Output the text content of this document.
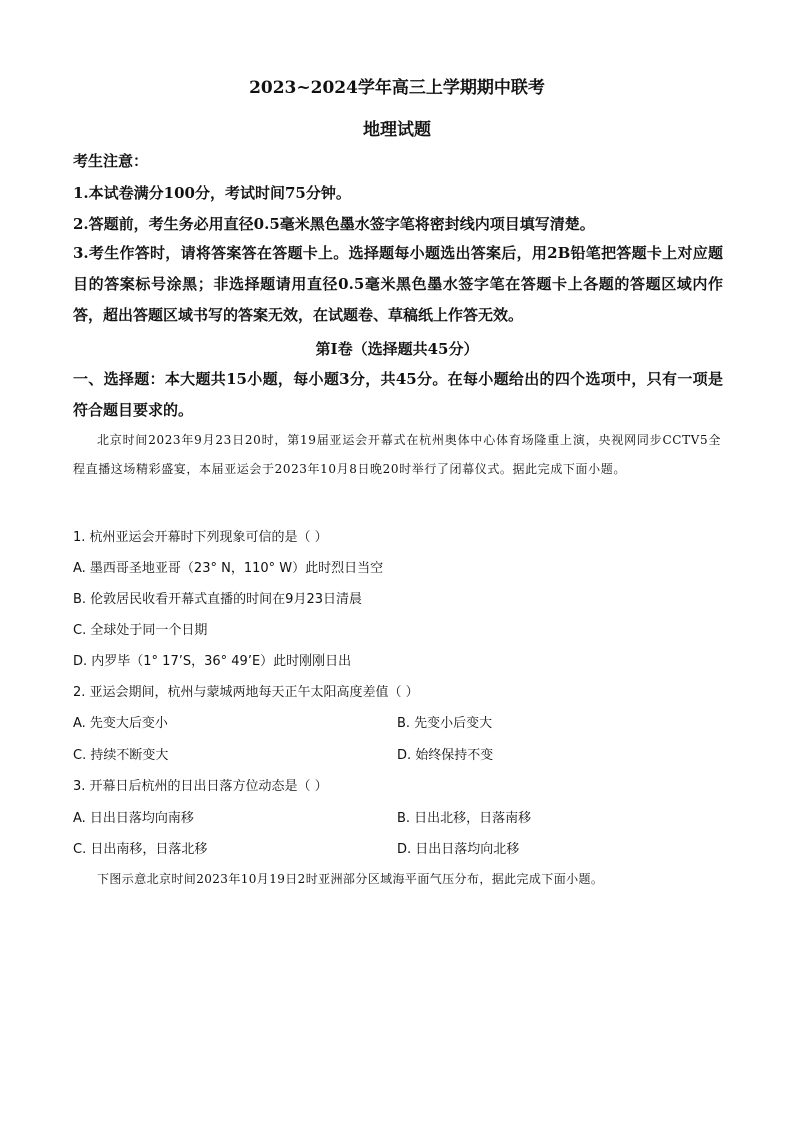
2023~2024学年高三上学期期中联考
地理试题
考生注意：
1.本试卷满分100分，考试时间75分钟。
2.答题前，考生务必用直径0.5毫米黑色墨水签字笔将密封线内项目填写清楚。
3.考生作答时，请将答案答在答题卡上。选择题每小题选出答案后，用2B铅笔把答题卡上对应题目的答案标号涂黑；非选择题请用直径0.5毫米黑色墨水签字笔在答题卡上各题的答题区域内作答，超出答题区域书写的答案无效，在试题卷、草稿纸上作答无效。
第Ⅰ卷（选择题共45分）
一、选择题：本大题共15小题，每小题3分，共45分。在每小题给出的四个选项中，只有一项是符合题目要求的。
北京时间2023年9月23日20时，第19届亚运会开幕式在杭州奥体中心体育场隆重上演，央视网同步CCTV5全程直播这场精彩盛宴，本届亚运会于2023年10月8日晚20时举行了闭幕仪式。据此完成下面小题。
1. 杭州亚运会开幕时下列现象可信的是（ ）
A. 墨西哥圣地亚哥（23° N，110° W）此时烈日当空
B. 伦敦居民收看开幕式直播的时间在9月23日清晨
C. 全球处于同一个日期
D. 内罗毕（1° 17’S，36° 49’E）此时刚刚日出
2. 亚运会期间，杭州与蒙城两地每天正午太阳高度差值（ ）
A. 先变大后变小	B. 先变小后变大
C. 持续不断变大	D. 始终保持不变
3. 开幕日后杭州的日出日落方位动态是（ ）
A. 日出日落均向南移	B. 日出北移，日落南移
C. 日出南移，日落北移	D. 日出日落均向北移
下图示意北京时间2023年10月19日2时亚洲部分区域海平面气压分布，据此完成下面小题。
